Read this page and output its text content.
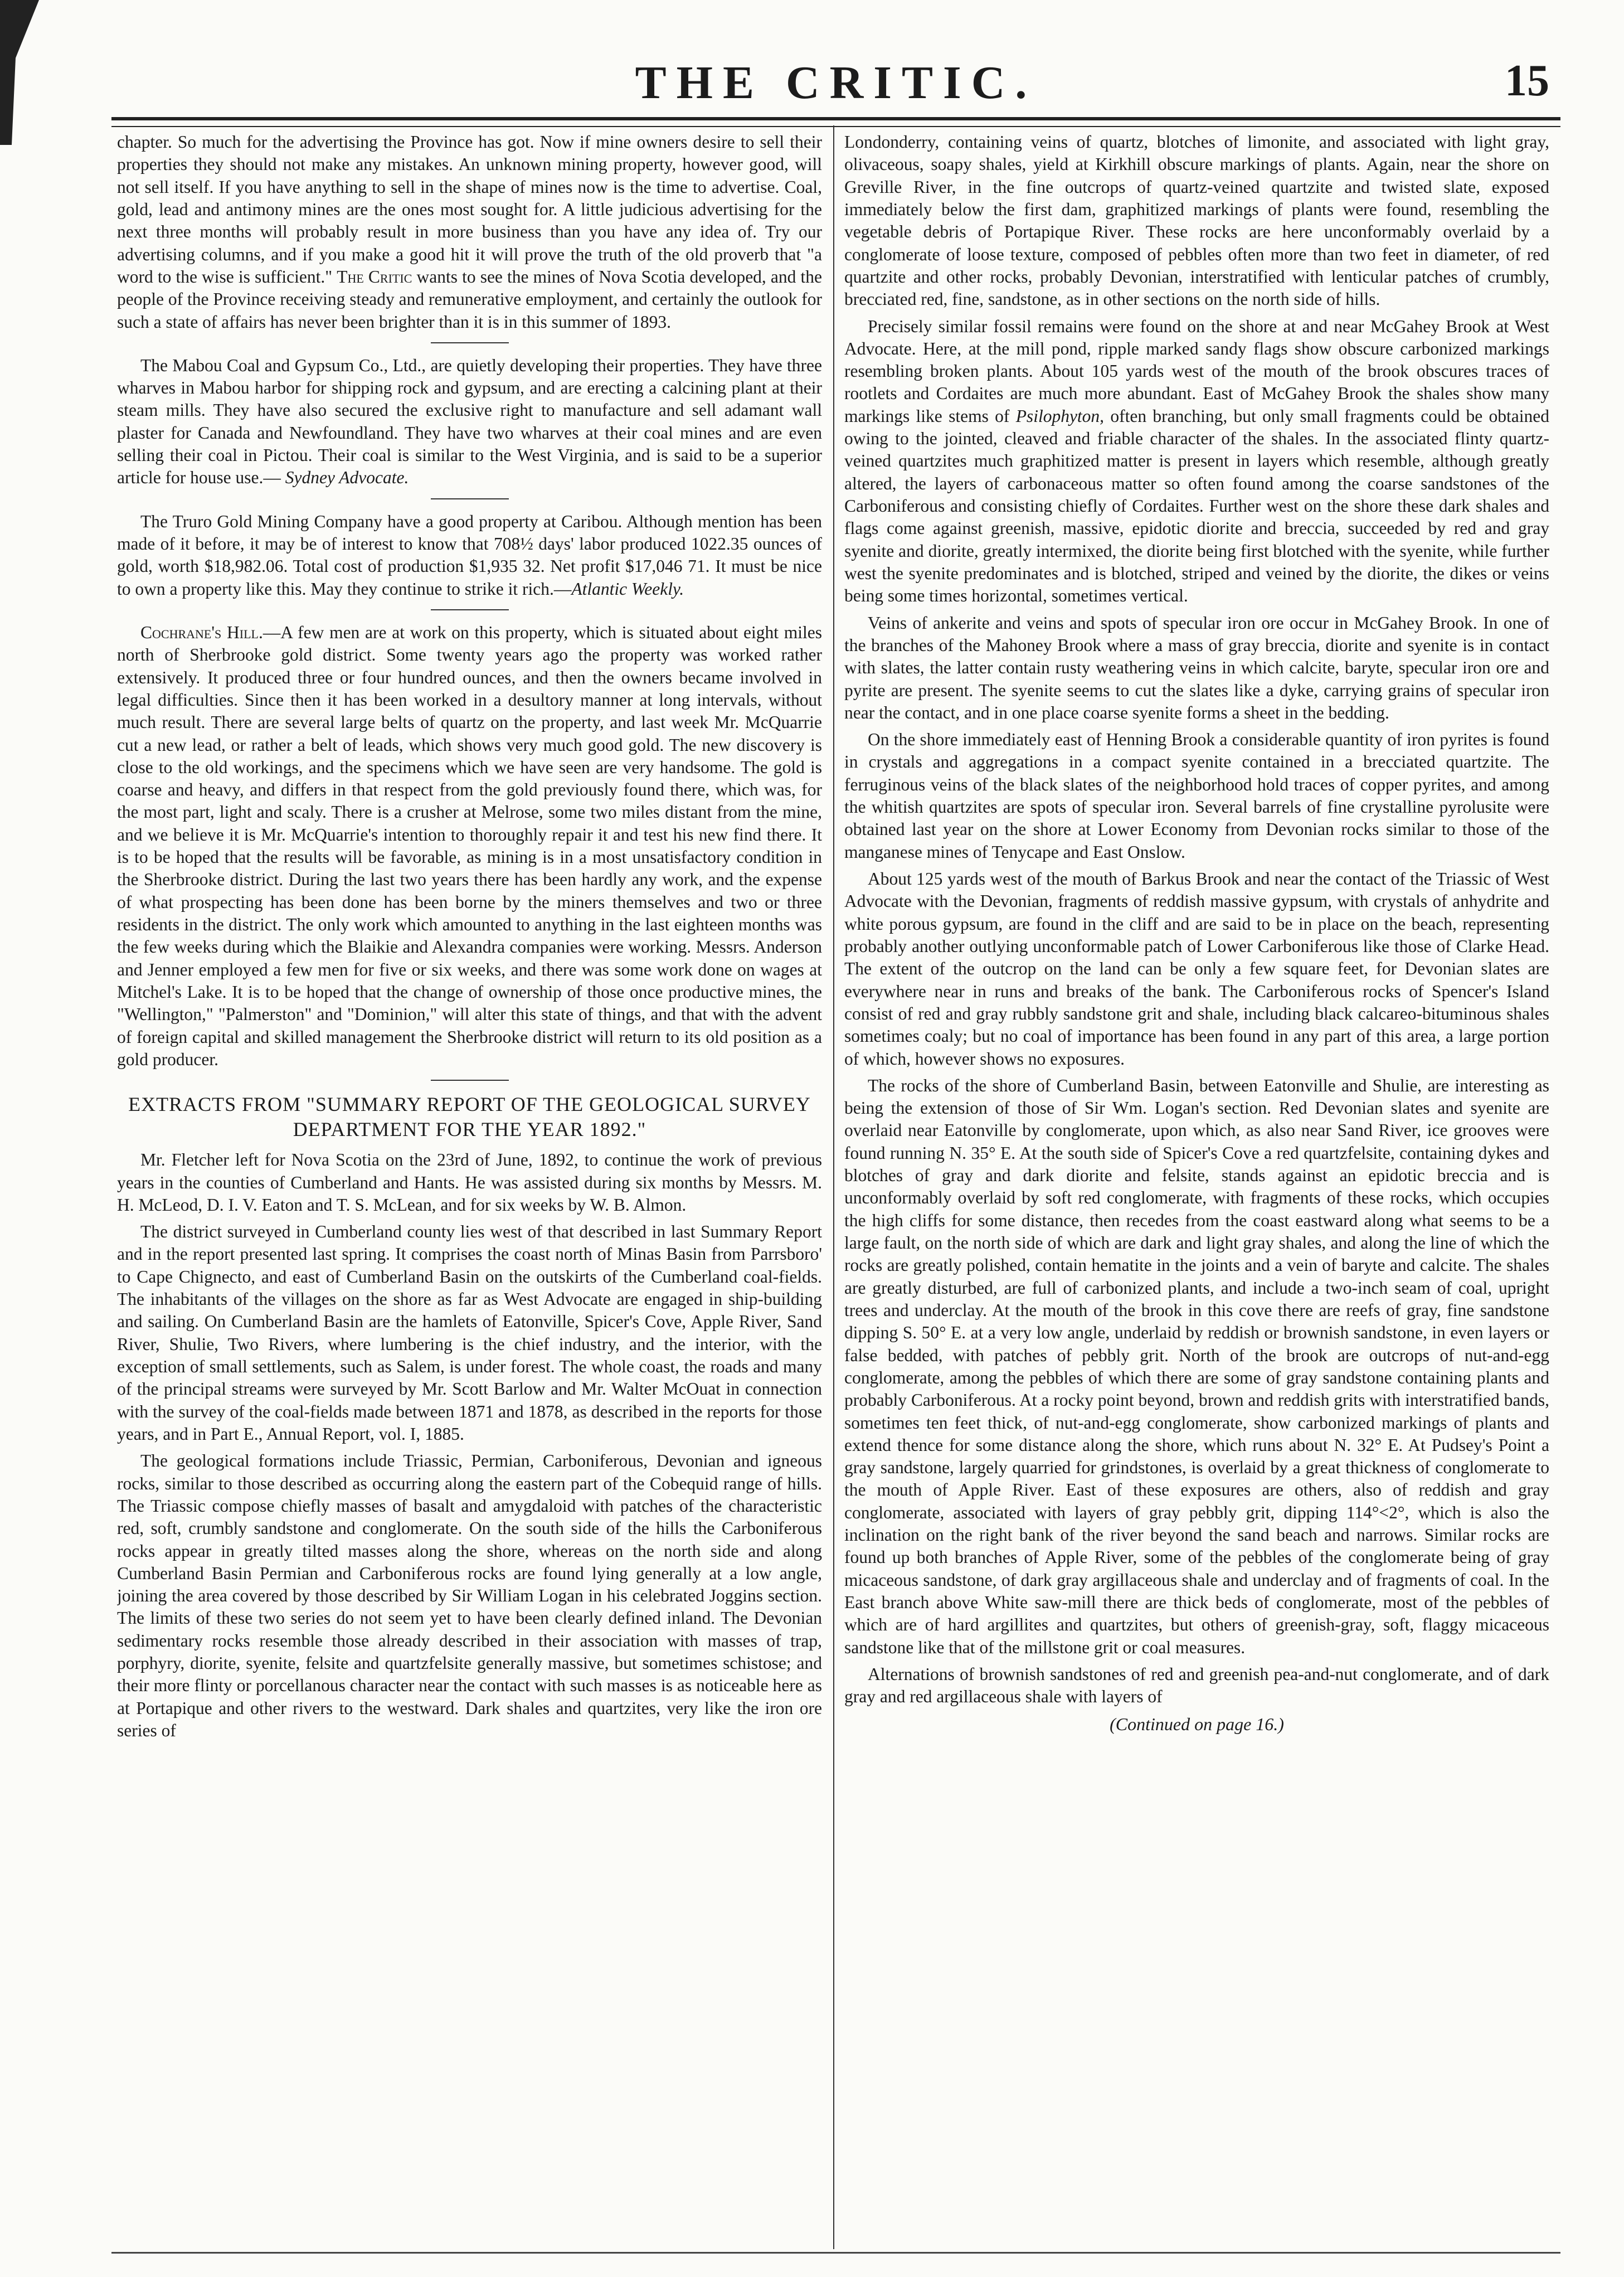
THE CRITIC.	15

chapter. So much for the advertising the Province has got. Now if mine owners desire to sell their properties they should not make any mistakes. An unknown mining property, however good, will not sell itself. If you have anything to sell in the shape of mines now is the time to advertise. Coal, gold, lead and antimony mines are the ones most sought for. A little judicious advertising for the next three months will probably result in more business than you have any idea of. Try our advertising columns, and if you make a good hit it will prove the truth of the old proverb that "a word to the wise is sufficient." The Critic wants to see the mines of Nova Scotia developed, and the people of the Province receiving steady and remunerative employment, and certainly the outlook for such a state of affairs has never been brighter than it is in this summer of 1893.

The Mabou Coal and Gypsum Co., Ltd., are quietly developing their properties. They have three wharves in Mabou harbor for shipping rock and gypsum, and are erecting a calcining plant at their steam mills. They have also secured the exclusive right to manufacture and sell adamant wall plaster for Canada and Newfoundland. They have two wharves at their coal mines and are even selling their coal in Pictou. Their coal is similar to the West Virginia, and is said to be a superior article for house use.— Sydney Advocate.

The Truro Gold Mining Company have a good property at Caribou. Although mention has been made of it before, it may be of interest to know that 708½ days' labor produced 1022.35 ounces of gold, worth $18,982.06. Total cost of production $1,935 32. Net profit $17,046 71. It must be nice to own a property like this. May they continue to strike it rich.—Atlantic Weekly.

Cochrane's Hill.—A few men are at work on this property, which is situated about eight miles north of Sherbrooke gold district. Some twenty years ago the property was worked rather extensively. It produced three or four hundred ounces, and then the owners became involved in legal difficulties. Since then it has been worked in a desultory manner at long intervals, without much result. There are several large belts of quartz on the property, and last week Mr. McQuarrie cut a new lead, or rather a belt of leads, which shows very much good gold. The new discovery is close to the old workings, and the specimens which we have seen are very handsome. The gold is coarse and heavy, and differs in that respect from the gold previously found there, which was, for the most part, light and scaly. There is a crusher at Melrose, some two miles distant from the mine, and we believe it is Mr. McQuarrie's intention to thoroughly repair it and test his new find there. It is to be hoped that the results will be favorable, as mining is in a most unsatisfactory condition in the Sherbrooke district. During the last two years there has been hardly any work, and the expense of what prospecting has been done has been borne by the miners themselves and two or three residents in the district. The only work which amounted to anything in the last eighteen months was the few weeks during which the Blaikie and Alexandra companies were working. Messrs. Anderson and Jenner employed a few men for five or six weeks, and there was some work done on wages at Mitchel's Lake. It is to be hoped that the change of ownership of those once productive mines, the "Wellington," "Palmerston" and "Dominion," will alter this state of things, and that with the advent of foreign capital and skilled management the Sherbrooke district will return to its old position as a gold producer.

EXTRACTS FROM "SUMMARY REPORT OF THE GEOLOGICAL SURVEY DEPARTMENT FOR THE YEAR 1892."

Mr. Fletcher left for Nova Scotia on the 23rd of June, 1892, to continue the work of previous years in the counties of Cumberland and Hants. He was assisted during six months by Messrs. M. H. McLeod, D. I. V. Eaton and T. S. McLean, and for six weeks by W. B. Almon.

The district surveyed in Cumberland county lies west of that described in last Summary Report and in the report presented last spring. It comprises the coast north of Minas Basin from Parrsboro' to Cape Chignecto, and east of Cumberland Basin on the outskirts of the Cumberland coal-fields. The inhabitants of the villages on the shore as far as West Advocate are engaged in ship-building and sailing. On Cumberland Basin are the hamlets of Eatonville, Spicer's Cove, Apple River, Sand River, Shulie, Two Rivers, where lumbering is the chief industry, and the interior, with the exception of small settlements, such as Salem, is under forest. The whole coast, the roads and many of the principal streams were surveyed by Mr. Scott Barlow and Mr. Walter McOuat in connection with the survey of the coal-fields made between 1871 and 1878, as described in the reports for those years, and in Part E., Annual Report, vol. I, 1885.

The geological formations include Triassic, Permian, Carboniferous, Devonian and igneous rocks, similar to those described as occurring along the eastern part of the Cobequid range of hills. The Triassic compose chiefly masses of basalt and amygdaloid with patches of the characteristic red, soft, crumbly sandstone and conglomerate. On the south side of the hills the Carboniferous rocks appear in greatly tilted masses along the shore, whereas on the north side and along Cumberland Basin Permian and Carboniferous rocks are found lying generally at a low angle, joining the area covered by those described by Sir William Logan in his celebrated Joggins section. The limits of these two series do not seem yet to have been clearly defined inland. The Devonian sedimentary rocks resemble those already described in their association with masses of trap, porphyry, diorite, syenite, felsite and quartzfelsite generally massive, but sometimes schistose; and their more flinty or porcellanous character near the contact with such masses is as noticeable here as at Portapique and other rivers to the westward. Dark shales and quartzites, very like the iron ore series of

Londonderry, containing veins of quartz, blotches of limonite, and associated with light gray, olivaceous, soapy shales, yield at Kirkhill obscure markings of plants. Again, near the shore on Greville River, in the fine outcrops of quartz-veined quartzite and twisted slate, exposed immediately below the first dam, graphitized markings of plants were found, resembling the vegetable debris of Portapique River. These rocks are here unconformably overlaid by a conglomerate of loose texture, composed of pebbles often more than two feet in diameter, of red quartzite and other rocks, probably Devonian, interstratified with lenticular patches of crumbly, brecciated red, fine, sandstone, as in other sections on the north side of hills.

Precisely similar fossil remains were found on the shore at and near McGahey Brook at West Advocate. Here, at the mill pond, ripple marked sandy flags show obscure carbonized markings resembling broken plants. About 105 yards west of the mouth of the brook obscures traces of rootlets and Cordaites are much more abundant. East of McGahey Brook the shales show many markings like stems of Psilophyton, often branching, but only small fragments could be obtained owing to the jointed, cleaved and friable character of the shales. In the associated flinty quartz-veined quartzites much graphitized matter is present in layers which resemble, although greatly altered, the layers of carbonaceous matter so often found among the coarse sandstones of the Carboniferous and consisting chiefly of Cordaites. Further west on the shore these dark shales and flags come against greenish, massive, epidotic diorite and breccia, succeeded by red and gray syenite and diorite, greatly intermixed, the diorite being first blotched with the syenite, while further west the syenite predominates and is blotched, striped and veined by the diorite, the dikes or veins being some times horizontal, sometimes vertical.

Veins of ankerite and veins and spots of specular iron ore occur in McGahey Brook. In one of the branches of the Mahoney Brook where a mass of gray breccia, diorite and syenite is in contact with slates, the latter contain rusty weathering veins in which calcite, baryte, specular iron ore and pyrite are present. The syenite seems to cut the slates like a dyke, carrying grains of specular iron near the contact, and in one place coarse syenite forms a sheet in the bedding.

On the shore immediately east of Henning Brook a considerable quantity of iron pyrites is found in crystals and aggregations in a compact syenite contained in a brecciated quartzite. The ferruginous veins of the black slates of the neighborhood hold traces of copper pyrites, and among the whitish quartzites are spots of specular iron. Several barrels of fine crystalline pyrolusite were obtained last year on the shore at Lower Economy from Devonian rocks similar to those of the manganese mines of Tenycape and East Onslow.

About 125 yards west of the mouth of Barkus Brook and near the contact of the Triassic of West Advocate with the Devonian, fragments of reddish massive gypsum, with crystals of anhydrite and white porous gypsum, are found in the cliff and are said to be in place on the beach, representing probably another outlying unconformable patch of Lower Carboniferous like those of Clarke Head. The extent of the outcrop on the land can be only a few square feet, for Devonian slates are everywhere near in runs and breaks of the bank. The Carboniferous rocks of Spencer's Island consist of red and gray rubbly sandstone grit and shale, including black calcareo-bituminous shales sometimes coaly; but no coal of importance has been found in any part of this area, a large portion of which, however shows no exposures.

The rocks of the shore of Cumberland Basin, between Eatonville and Shulie, are interesting as being the extension of those of Sir Wm. Logan's section. Red Devonian slates and syenite are overlaid near Eatonville by conglomerate, upon which, as also near Sand River, ice grooves were found running N. 35° E. At the south side of Spicer's Cove a red quartzfelsite, containing dykes and blotches of gray and dark diorite and felsite, stands against an epidotic breccia and is unconformably overlaid by soft red conglomerate, with fragments of these rocks, which occupies the high cliffs for some distance, then recedes from the coast eastward along what seems to be a large fault, on the north side of which are dark and light gray shales, and along the line of which the rocks are greatly polished, contain hematite in the joints and a vein of baryte and calcite. The shales are greatly disturbed, are full of carbonized plants, and include a two-inch seam of coal, upright trees and underclay. At the mouth of the brook in this cove there are reefs of gray, fine sandstone dipping S. 50° E. at a very low angle, underlaid by reddish or brownish sandstone, in even layers or false bedded, with patches of pebbly grit. North of the brook are outcrops of nut-and-egg conglomerate, among the pebbles of which there are some of gray sandstone containing plants and probably Carboniferous. At a rocky point beyond, brown and reddish grits with interstratified bands, sometimes ten feet thick, of nut-and-egg conglomerate, show carbonized markings of plants and extend thence for some distance along the shore, which runs about N. 32° E. At Pudsey's Point a gray sandstone, largely quarried for grindstones, is overlaid by a great thickness of conglomerate to the mouth of Apple River. East of these exposures are others, also of reddish and gray conglomerate, associated with layers of gray pebbly grit, dipping 114°<2°, which is also the inclination on the right bank of the river beyond the sand beach and narrows. Similar rocks are found up both branches of Apple River, some of the pebbles of the conglomerate being of gray micaceous sandstone, of dark gray argillaceous shale and underclay and of fragments of coal. In the East branch above White saw-mill there are thick beds of conglomerate, most of the pebbles of which are of hard argillites and quartzites, but others of greenish-gray, soft, flaggy micaceous sandstone like that of the millstone grit or coal measures.

Alternations of brownish sandstones of red and greenish pea-and-nut conglomerate, and of dark gray and red argillaceous shale with layers of

(Continued on page 16.)
